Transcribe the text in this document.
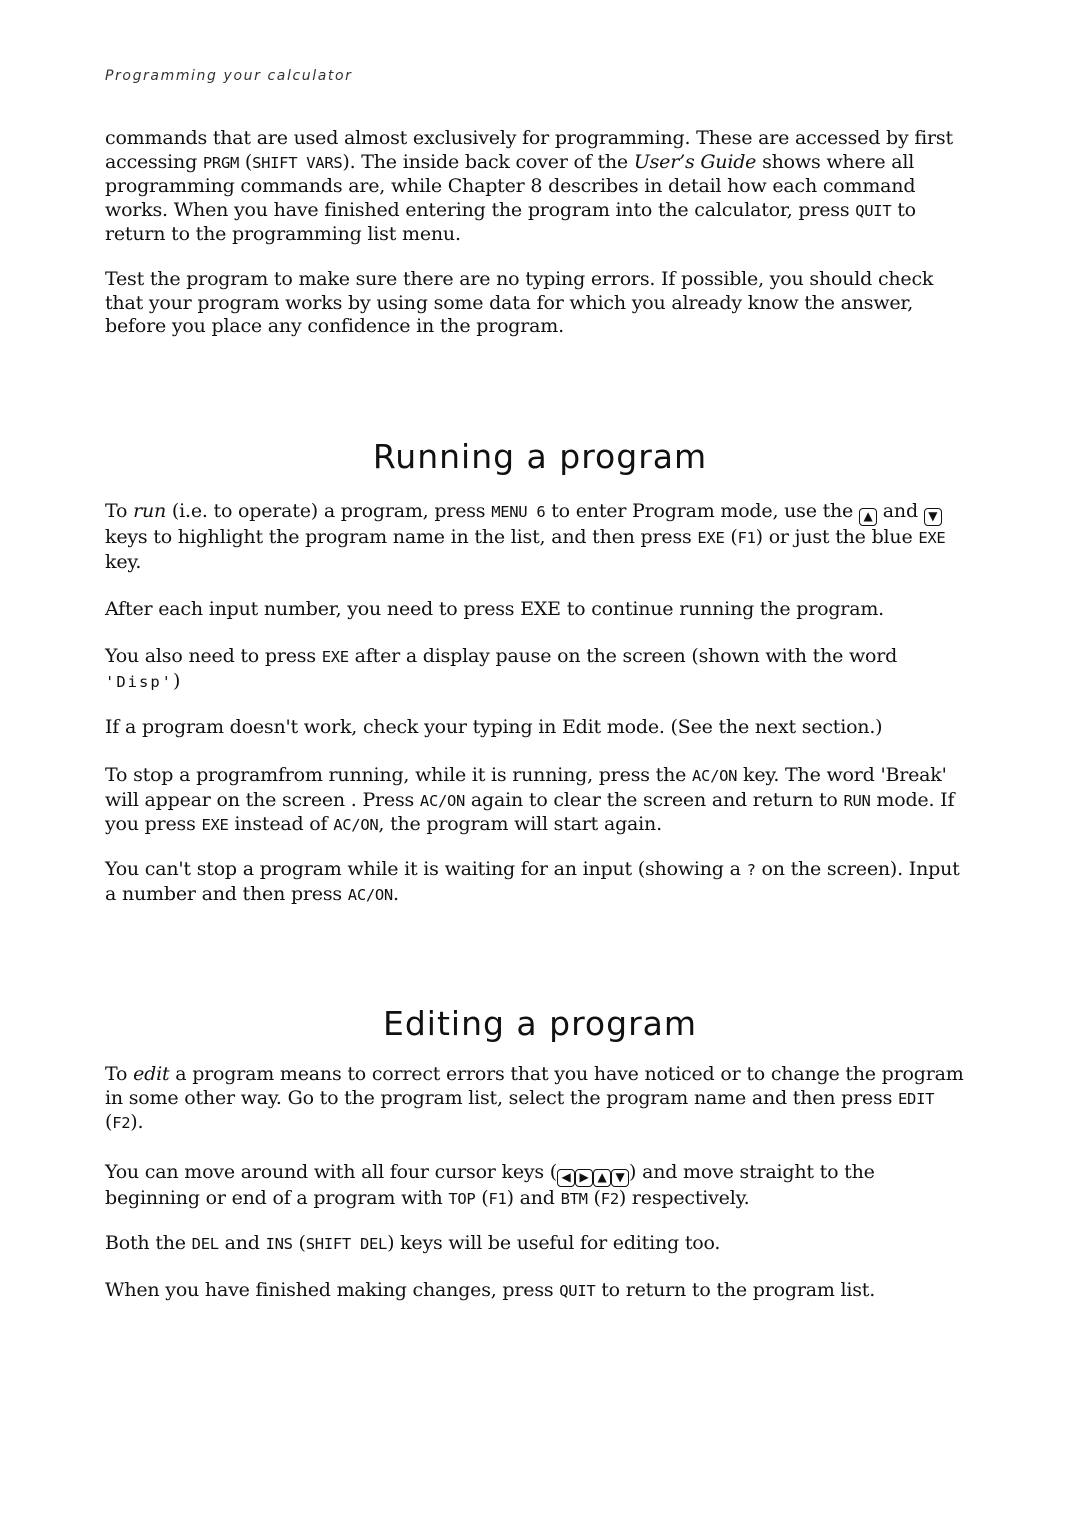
Programming your calculator

commands that are used almost exclusively for programming. These are accessed by first accessing PRGM (SHIFT VARS). The inside back cover of the User’s Guide shows where all programming commands are, while Chapter 8 describes in detail how each command works. When you have finished entering the program into the calculator, press QUIT to return to the programming list menu.

Test the program to make sure there are no typing errors. If possible, you should check that your program works by using some data for which you already know the answer, before you place any confidence in the program.

Running a program

To run (i.e. to operate) a program, press MENU 6 to enter Program mode, use the ▲ and ▼
keys to highlight the program name in the list, and then press EXE (F1) or just the blue EXE key.

After each input number, you need to press EXE to continue running the program.

You also need to press EXE after a display pause on the screen (shown with the word 'Disp')

If a program doesn't work, check your typing in Edit mode. (See the next section.)

To stop a programfrom running, while it is running, press the AC/ON key. The word 'Break' will appear on the screen . Press AC/ON again to clear the screen and return to RUN mode. If you press EXE instead of AC/ON, the program will start again.

You can't stop a program while it is waiting for an input (showing a ? on the screen). Input a number and then press AC/ON.

Editing a program

To edit a program means to correct errors that you have noticed or to change the program in some other way. Go to the program list, select the program name and then press EDIT (F2).

You can move around with all four cursor keys ( ◀ ▶ ▲ ▼ ) and move straight to the beginning or end of a program with TOP (F1) and BTM (F2) respectively.

Both the DEL and INS (SHIFT DEL) keys will be useful for editing too.

When you have finished making changes, press QUIT to return to the program list.
